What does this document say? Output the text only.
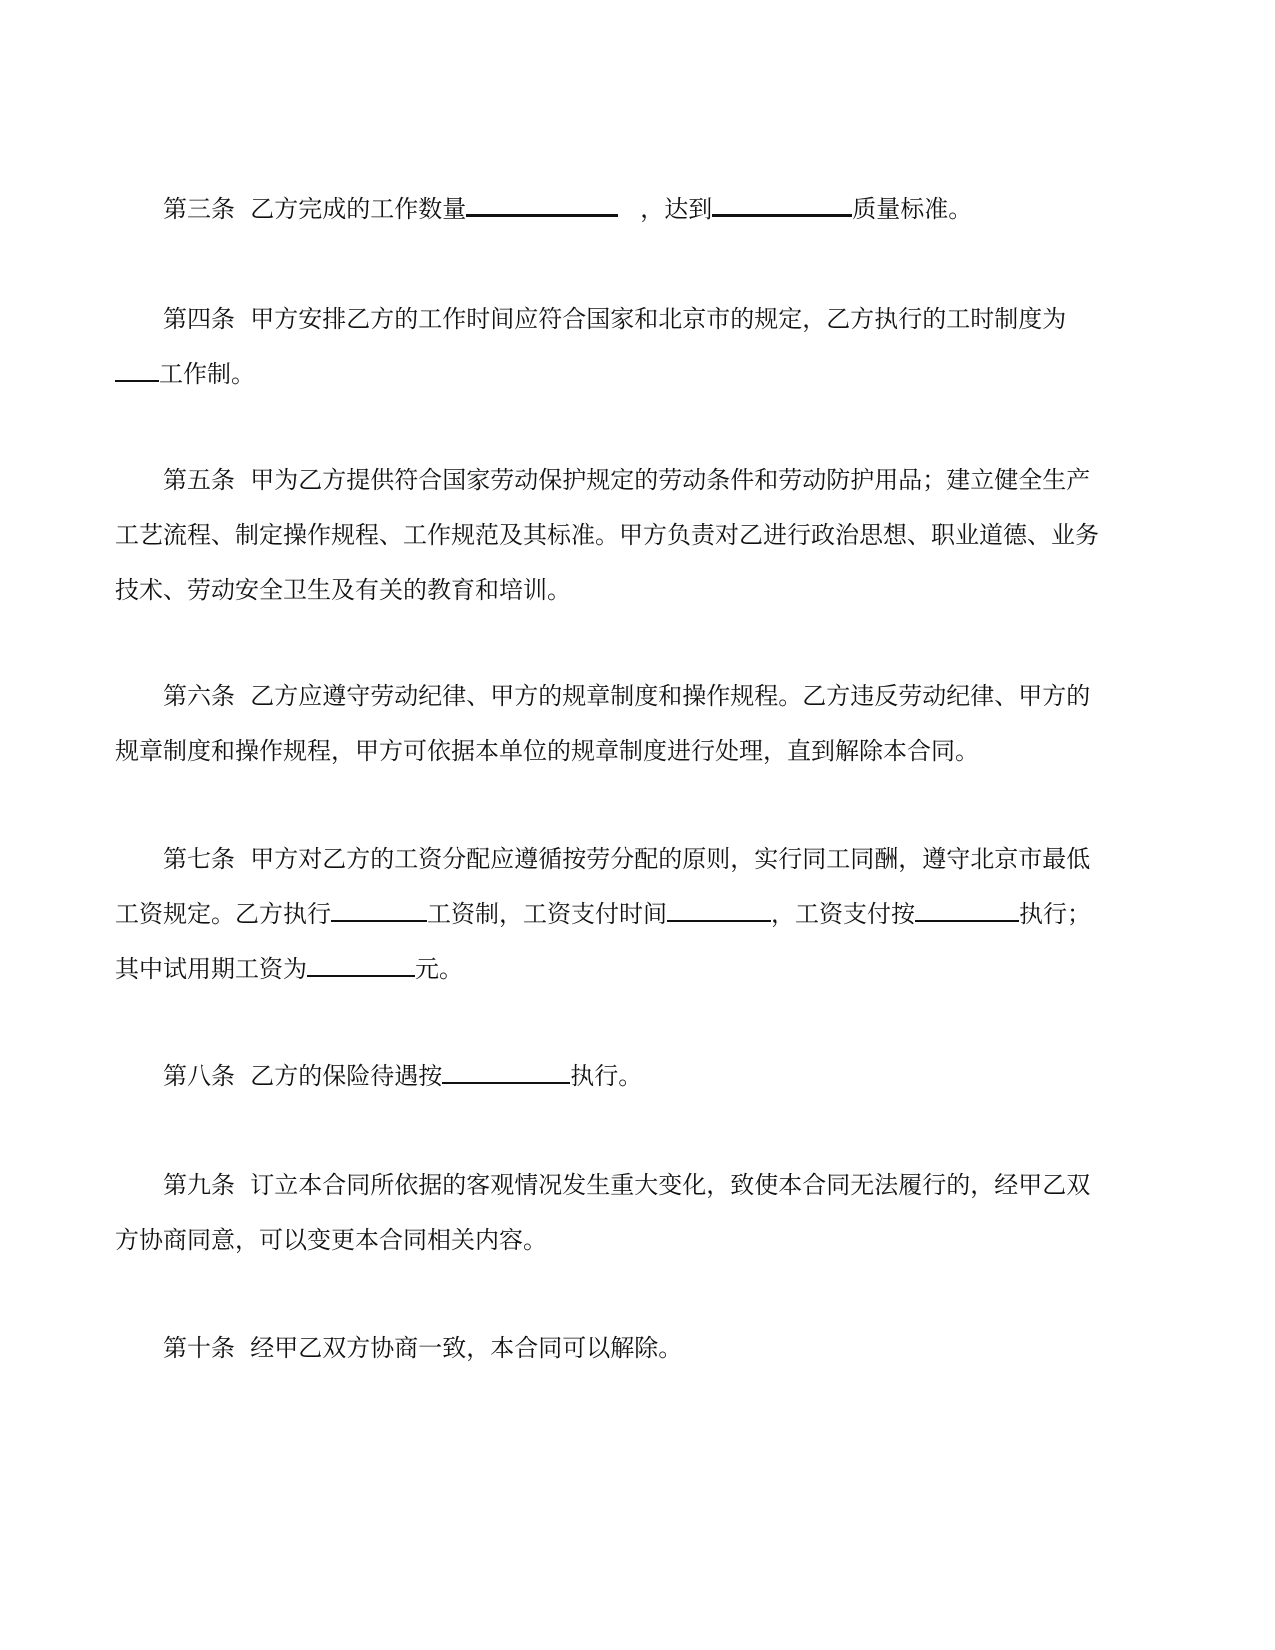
第三条 乙方完成的工作数量	，达到	质量标准。

第四条 甲方安排乙方的工作时间应符合国家和北京市的规定，乙方执行的工时制度为工作制。

第五条 甲为乙方提供符合国家劳动保护规定的劳动条件和劳动防护用品；建立健全生产工艺流程、制定操作规程、工作规范及其标准。甲方负责对乙进行政治思想、职业道德、业务技术、劳动安全卫生及有关的教育和培训。

第六条 乙方应遵守劳动纪律、甲方的规章制度和操作规程。乙方违反劳动纪律、甲方的规章制度和操作规程，甲方可依据本单位的规章制度进行处理，直到解除本合同。

第七条 甲方对乙方的工资分配应遵循按劳分配的原则，实行同工同酬，遵守北京市最低工资规定。乙方执行	工资制，工资支付时间	，工资支付按	执行；其中试用期工资为	元。

第八条 乙方的保险待遇按	执行。

第九条 订立本合同所依据的客观情况发生重大变化，致使本合同无法履行的，经甲乙双方协商同意，可以变更本合同相关内容。

第十条 经甲乙双方协商一致，本合同可以解除。
